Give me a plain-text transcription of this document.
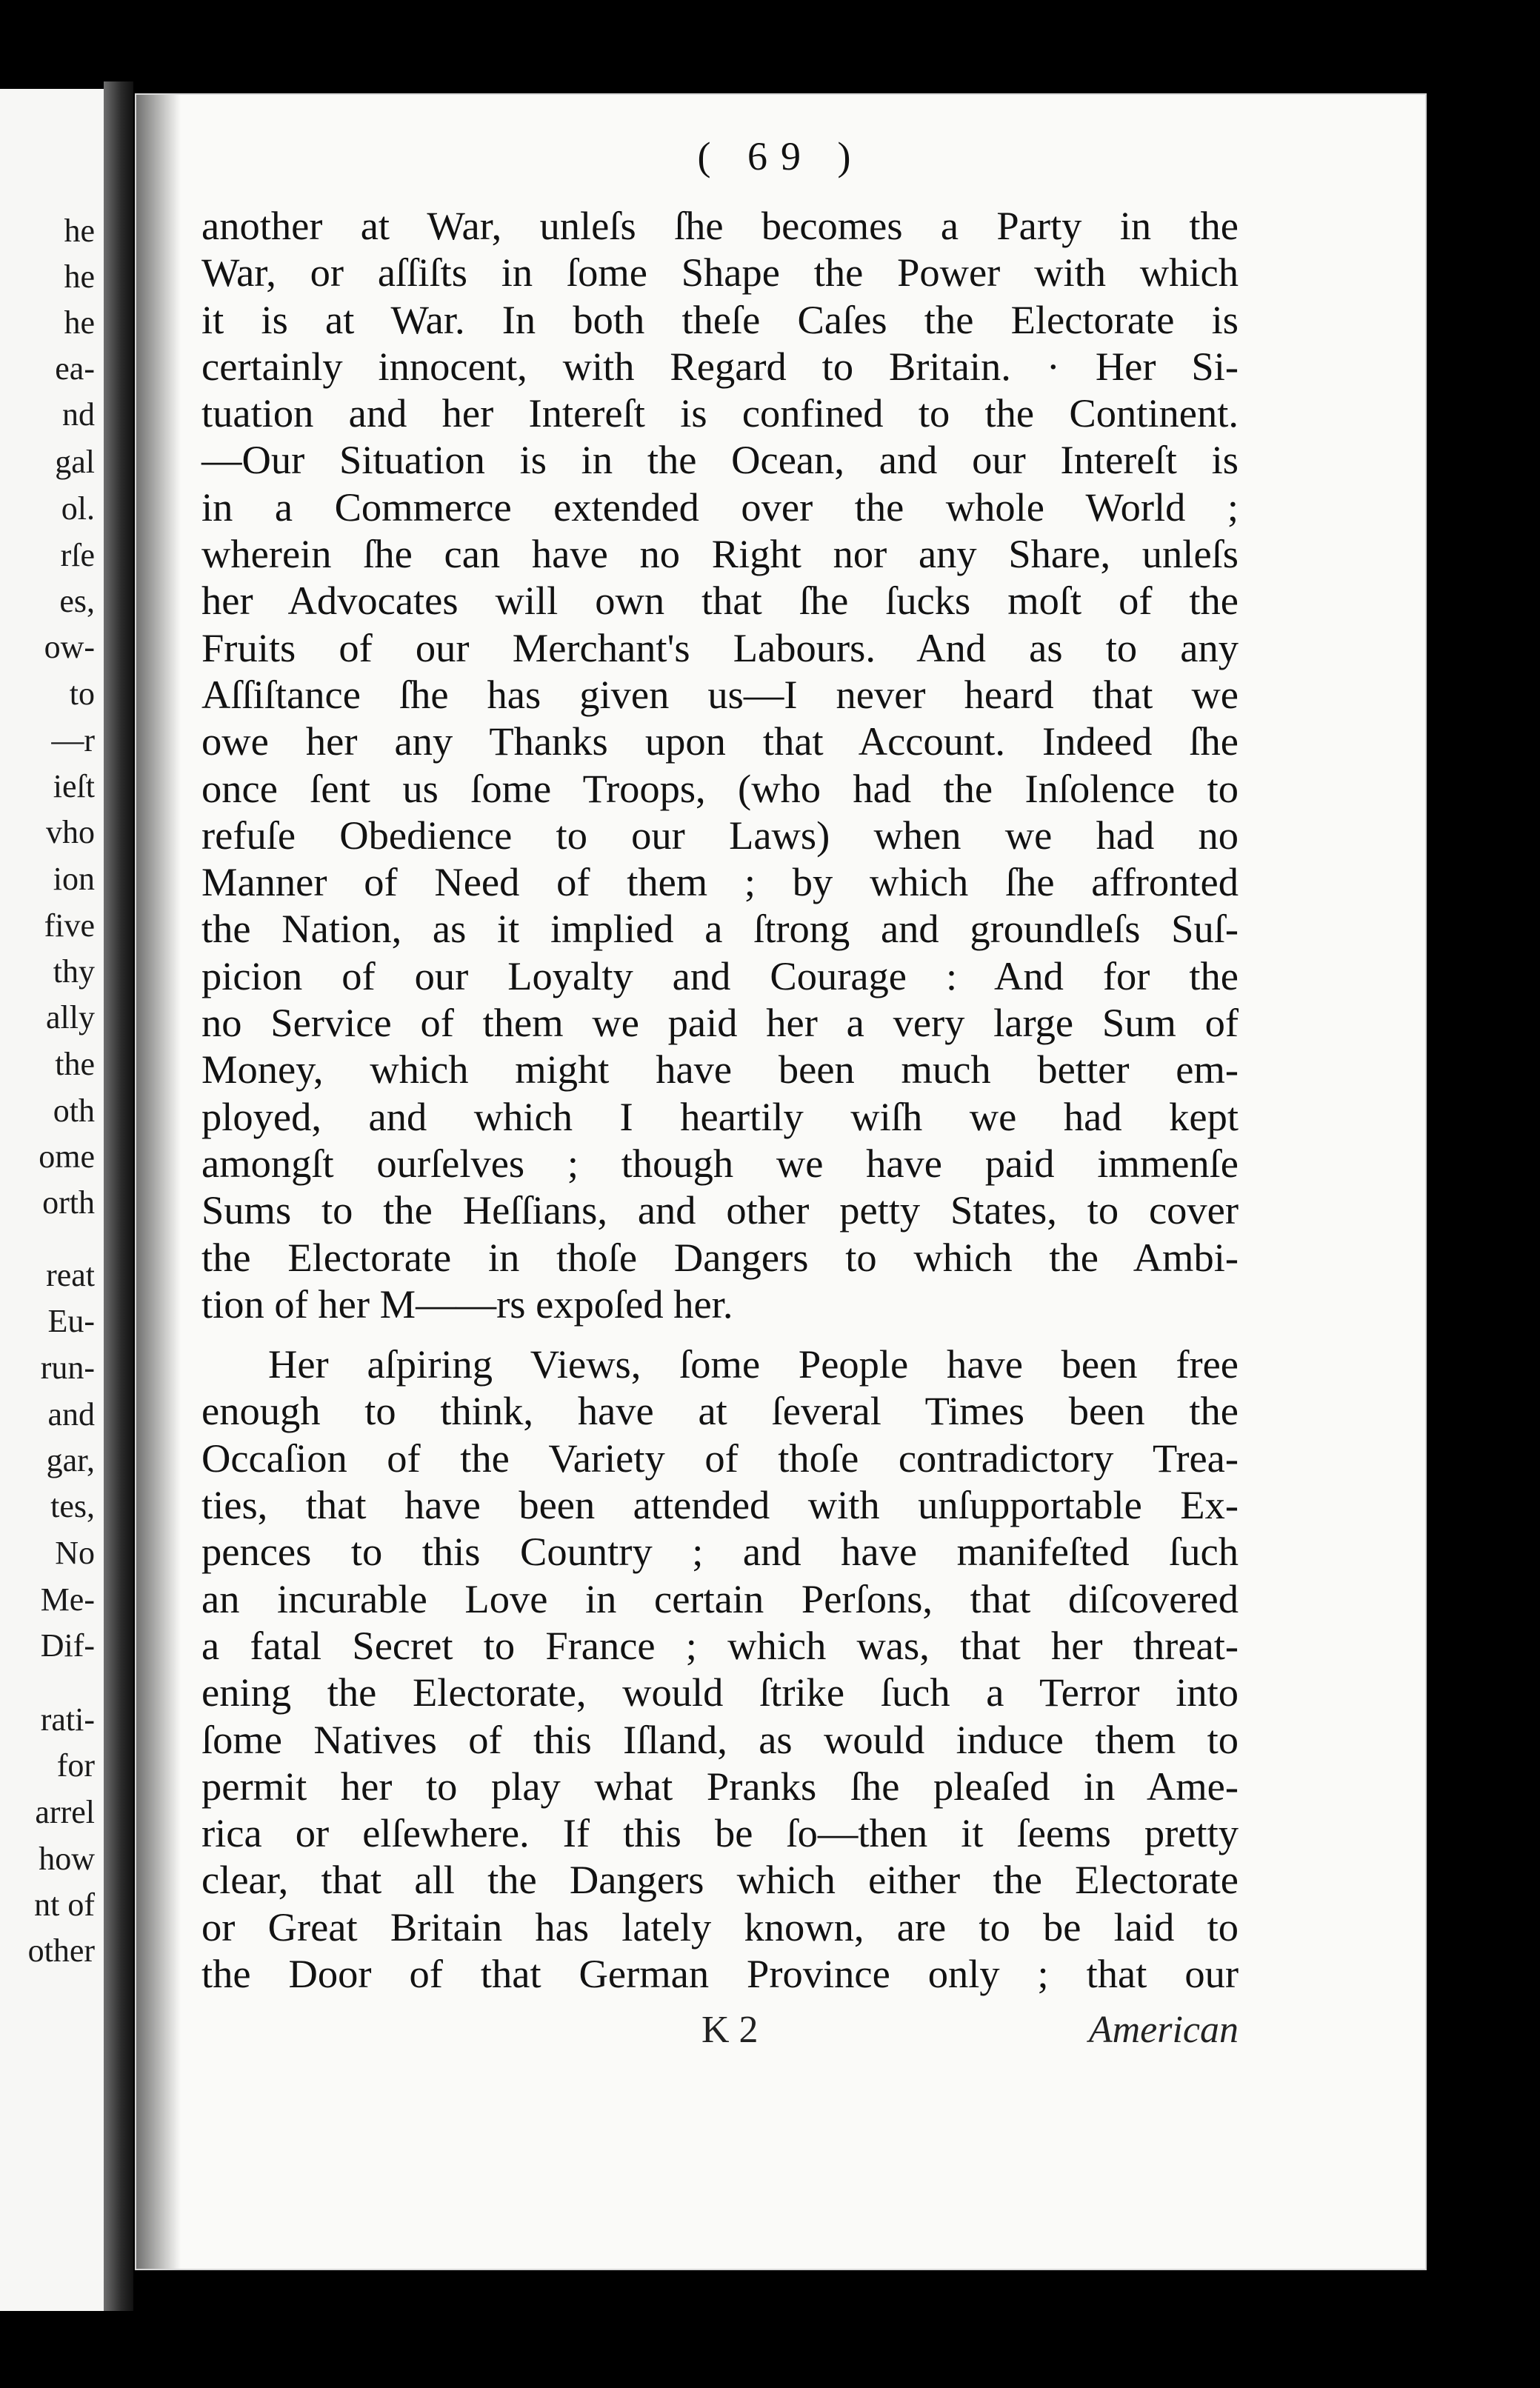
he
he
he
ea-
nd
gal
ol.
rſe
es,
ow-
to
—r
ieſt
vho
ion
five
thy
ally
the
oth
ome
orth
reat
Eu-
run-
and
gar,
tes,
No
Me-
Dif-
rati-
for
arrel
how
nt of
other
( 69 )
another at War, unleſs ſhe becomes a Party in the
War, or aſſiſts in ſome Shape the Power with which
it is at War. In both theſe Caſes the Electorate is
certainly innocent, with Regard to Britain. · Her Si-
tuation and her Intereſt is confined to the Continent.
—Our Situation is in the Ocean, and our Intereſt is
in a Commerce extended over the whole World ;
wherein ſhe can have no Right nor any Share, unleſs
her Advocates will own that ſhe ſucks moſt of the
Fruits of our Merchant's Labours. And as to any
Aſſiſtance ſhe has given us—I never heard that we
owe her any Thanks upon that Account. Indeed ſhe
once ſent us ſome Troops, (who had the Inſolence to
refuſe Obedience to our Laws) when we had no
Manner of Need of them ; by which ſhe affronted
the Nation, as it implied a ſtrong and groundleſs Suſ-
picion of our Loyalty and Courage : And for the
no Service of them we paid her a very large Sum of
Money, which might have been much better em-
ployed, and which I heartily wiſh we had kept
amongſt ourſelves ; though we have paid immenſe
Sums to the Heſſians, and other petty States, to cover
the Electorate in thoſe Dangers to which the Ambi-
tion of her M——rs expoſed her.
Her aſpiring Views, ſome People have been free
enough to think, have at ſeveral Times been the
Occaſion of the Variety of thoſe contradictory Trea-
ties, that have been attended with unſupportable Ex-
pences to this Country ; and have manifeſted ſuch
an incurable Love in certain Perſons, that diſcovered
a fatal Secret to France ; which was, that her threat-
ening the Electorate, would ſtrike ſuch a Terror into
ſome Natives of this Iſland, as would induce them to
permit her to play what Pranks ſhe pleaſed in Ame-
rica or elſewhere. If this be ſo—then it ſeems pretty
clear, that all the Dangers which either the Electorate
or Great Britain has lately known, are to be laid to
the Door of that German Province only ; that our
K 2	American
